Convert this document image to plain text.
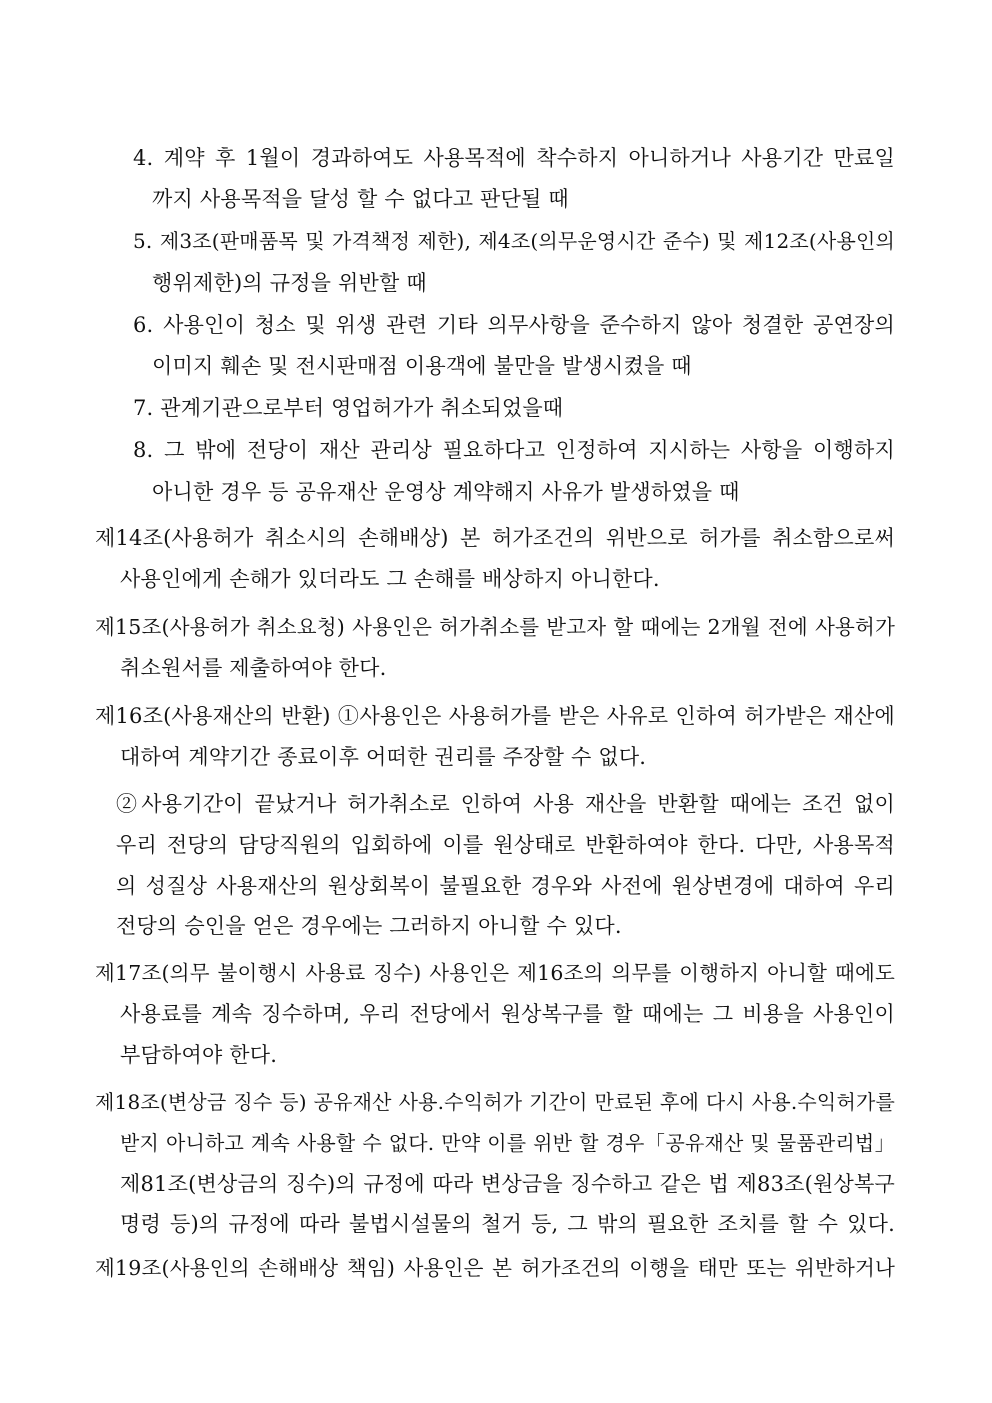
4. 계약 후 1월이 경과하여도 사용목적에 착수하지 아니하거나 사용기간 만료일
까지 사용목적을 달성 할 수 없다고 판단될 때
5. 제3조(판매품목 및 가격책정 제한), 제4조(의무운영시간 준수) 및 제12조(사용인의
행위제한)의 규정을 위반할 때
6. 사용인이 청소 및 위생 관련 기타 의무사항을 준수하지 않아 청결한 공연장의
이미지 훼손 및 전시판매점 이용객에 불만을 발생시켰을 때
7. 관계기관으로부터 영업허가가 취소되었을때
8. 그 밖에 전당이 재산 관리상 필요하다고 인정하여 지시하는 사항을 이행하지
아니한 경우 등 공유재산 운영상 계약해지 사유가 발생하였을 때
제14조(사용허가 취소시의 손해배상) 본 허가조건의 위반으로 허가를 취소함으로써
사용인에게 손해가 있더라도 그 손해를 배상하지 아니한다.
제15조(사용허가 취소요청) 사용인은 허가취소를 받고자 할 때에는 2개월 전에 사용허가
취소원서를 제출하여야 한다.
제16조(사용재산의 반환) ①사용인은 사용허가를 받은 사유로 인하여 허가받은 재산에
대하여 계약기간 종료이후 어떠한 권리를 주장할 수 없다.
②사용기간이 끝났거나 허가취소로 인하여 사용 재산을 반환할 때에는 조건 없이
우리 전당의 담당직원의 입회하에 이를 원상태로 반환하여야 한다. 다만, 사용목적
의 성질상 사용재산의 원상회복이 불필요한 경우와 사전에 원상변경에 대하여 우리
전당의 승인을 얻은 경우에는 그러하지 아니할 수 있다.
제17조(의무 불이행시 사용료 징수) 사용인은 제16조의 의무를 이행하지 아니할 때에도
사용료를 계속 징수하며, 우리 전당에서 원상복구를 할 때에는 그 비용을 사용인이
부담하여야 한다.
제18조(변상금 징수 등) 공유재산 사용.수익허가 기간이 만료된 후에 다시 사용.수익허가를
받지 아니하고 계속 사용할 수 없다. 만약 이를 위반 할 경우「공유재산 및 물품관리법」
제81조(변상금의 징수)의 규정에 따라 변상금을 징수하고 같은 법 제83조(원상복구
명령 등)의 규정에 따라 불법시설물의 철거 등, 그 밖의 필요한 조치를 할 수 있다.
제19조(사용인의 손해배상 책임) 사용인은 본 허가조건의 이행을 태만 또는 위반하거나
